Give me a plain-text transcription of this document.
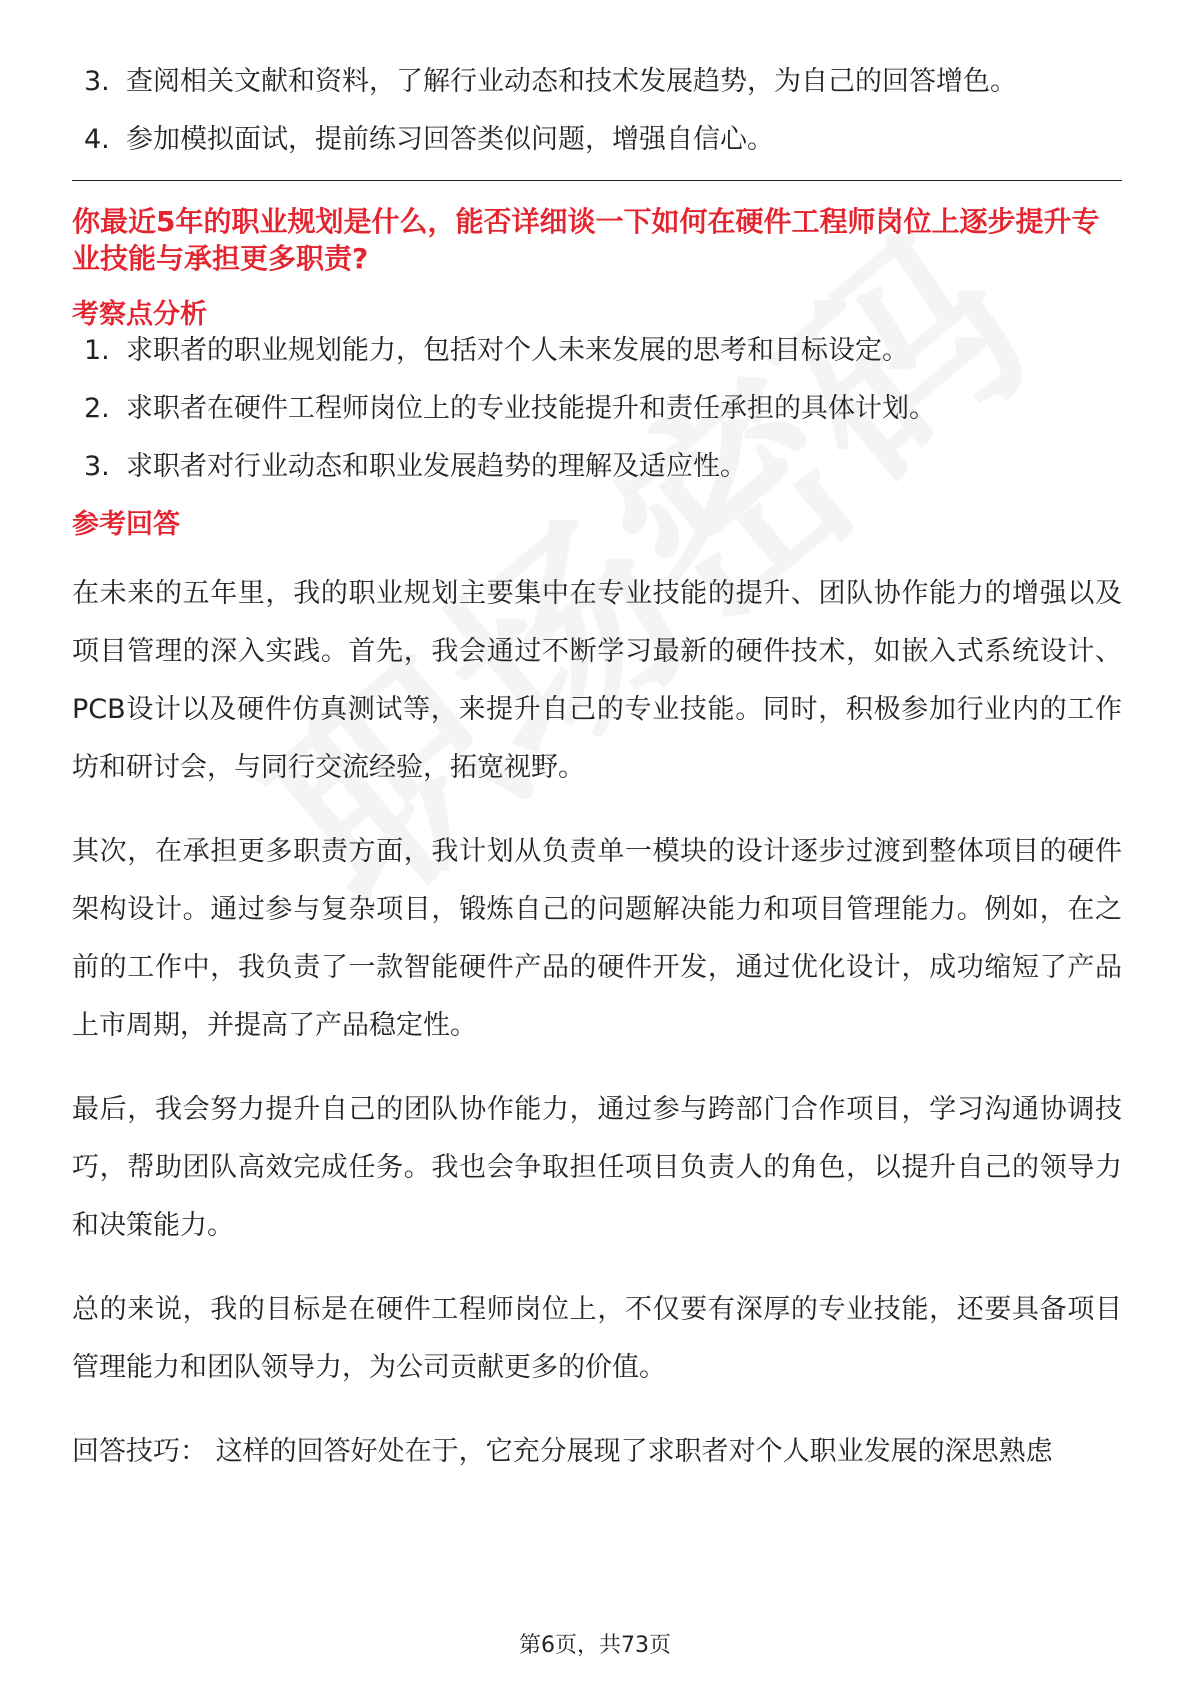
3. 查阅相关文献和资料，了解行业动态和技术发展趋势，为自己的回答增色。
4. 参加模拟面试，提前练习回答类似问题，增强自信心。
你最近5年的职业规划是什么，能否详细谈一下如何在硬件工程师岗位上逐步提升专业技能与承担更多职责?
考察点分析
1. 求职者的职业规划能力，包括对个人未来发展的思考和目标设定。
2. 求职者在硬件工程师岗位上的专业技能提升和责任承担的具体计划。
3. 求职者对行业动态和职业发展趋势的理解及适应性。
参考回答

在未来的五年里，我的职业规划主要集中在专业技能的提升、团队协作能力的增强以及项目管理的深入实践。首先，我会通过不断学习最新的硬件技术，如嵌入式系统设计、PCB设计以及硬件仿真测试等，来提升自己的专业技能。同时，积极参加行业内的工作坊和研讨会，与同行交流经验，拓宽视野。

其次，在承担更多职责方面，我计划从负责单一模块的设计逐步过渡到整体项目的硬件架构设计。通过参与复杂项目，锻炼自己的问题解决能力和项目管理能力。例如，在之前的工作中，我负责了一款智能硬件产品的硬件开发，通过优化设计，成功缩短了产品上市周期，并提高了产品稳定性。

最后，我会努力提升自己的团队协作能力，通过参与跨部门合作项目，学习沟通协调技巧，帮助团队高效完成任务。我也会争取担任项目负责人的角色，以提升自己的领导力和决策能力。

总的来说，我的目标是在硬件工程师岗位上，不仅要有深厚的专业技能，还要具备项目管理能力和团队领导力，为公司贡献更多的价值。

回答技巧： 这样的回答好处在于，它充分展现了求职者对个人职业发展的深思熟虑

第6页，共73页
